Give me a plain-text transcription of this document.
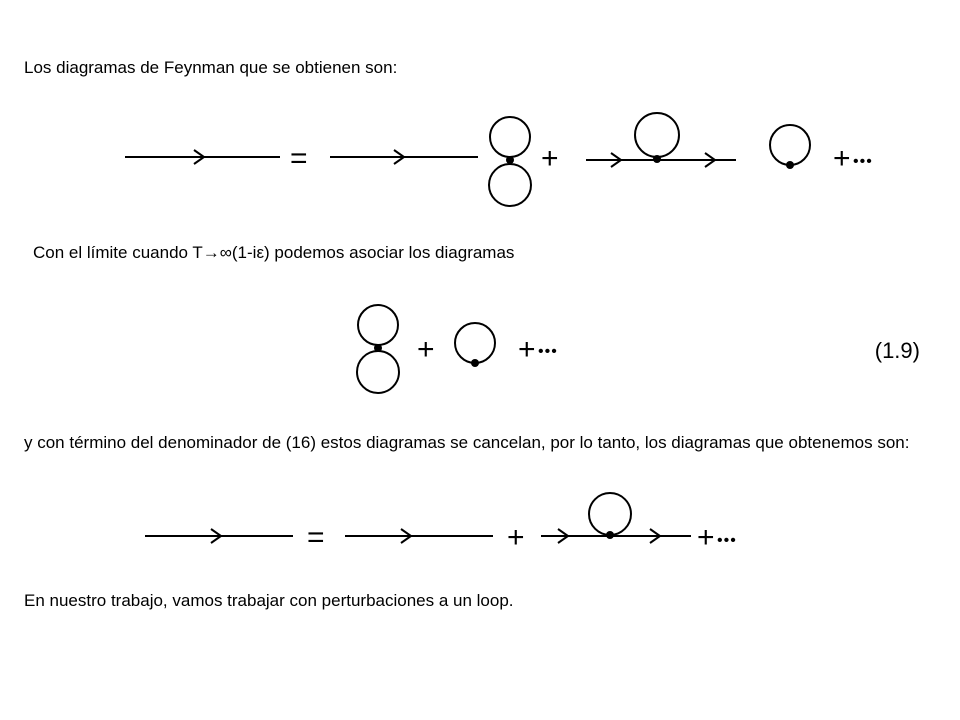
Los diagramas de Feynman que se obtienen son:

=	+	+ •••

Con el límite cuando T→∞(1-iε) podemos asociar los diagramas

+	+ •••	(1.9)

y con término del denominador de (16) estos diagramas se cancelan, por lo tanto, los diagramas que obtenemos son:

=	+	+ •••

En nuestro trabajo, vamos trabajar con perturbaciones a un loop.
